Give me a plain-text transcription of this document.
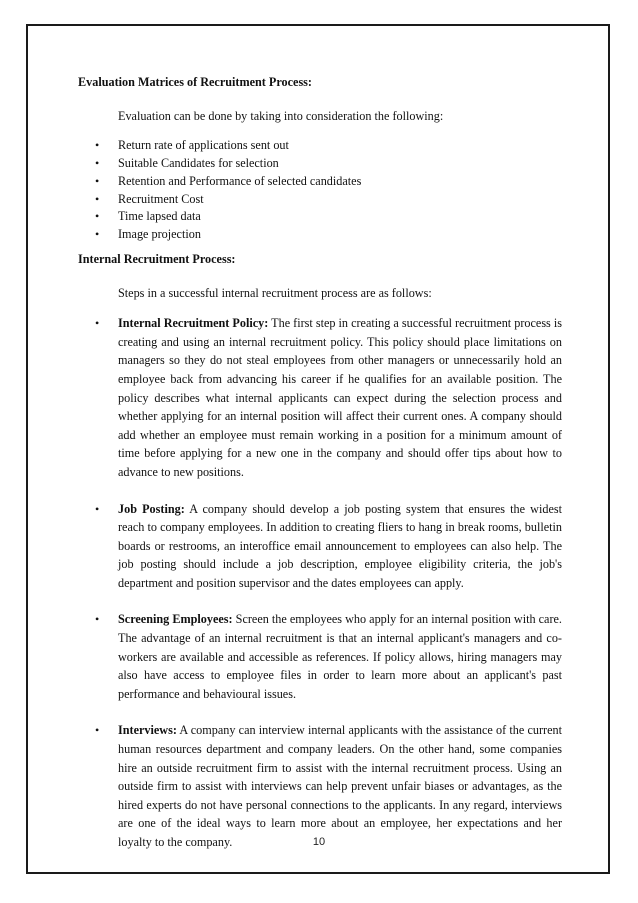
Evaluation Matrices of Recruitment Process:
Evaluation can be done by taking into consideration the following:
• Return rate of applications sent out
• Suitable Candidates for selection
• Retention and Performance of selected candidates
• Recruitment Cost
• Time lapsed data
• Image projection
Internal Recruitment Process:
Steps in a successful internal recruitment process are as follows:
• Internal Recruitment Policy: The first step in creating a successful recruitment process is creating and using an internal recruitment policy. This policy should place limitations on managers so they do not steal employees from other managers or unnecessarily hold an employee back from advancing his career if he qualifies for an available position. The policy describes what internal applicants can expect during the selection process and whether applying for an internal position will affect their current ones. A company should add whether an employee must remain working in a position for a minimum amount of time before applying for a new one in the company and should offer tips about how to advance to new positions.
• Job Posting: A company should develop a job posting system that ensures the widest reach to company employees. In addition to creating fliers to hang in break rooms, bulletin boards or restrooms, an interoffice email announcement to employees can also help. The job posting should include a job description, employee eligibility criteria, the job's department and position supervisor and the dates employees can apply.
• Screening Employees: Screen the employees who apply for an internal position with care. The advantage of an internal recruitment is that an internal applicant's managers and co-workers are available and accessible as references. If policy allows, hiring managers may also have access to employee files in order to learn more about an applicant's past performance and behavioural issues.
• Interviews: A company can interview internal applicants with the assistance of the current human resources department and company leaders. On the other hand, some companies hire an outside recruitment firm to assist with the internal recruitment process. Using an outside firm to assist with interviews can help prevent unfair biases or advantages, as the hired experts do not have personal connections to the applicants. In any regard, interviews are one of the ideal ways to learn more about an employee, her expectations and her loyalty to the company.	10
